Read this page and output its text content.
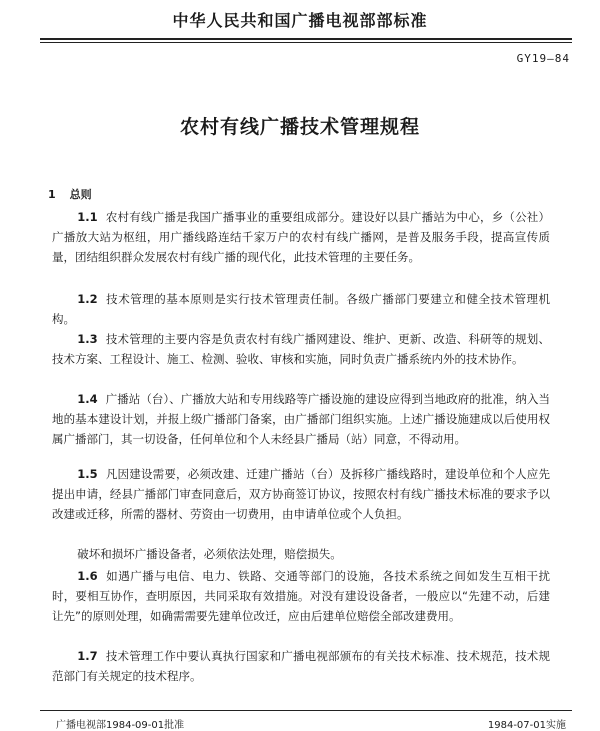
中华人民共和国广播电视部部标准
GY19—84
农村有线广播技术管理规程
1 总则
1.1 农村有线广播是我国广播事业的重要组成部分。建设好以县广播站为中心，乡（公社）广播放大站为枢纽，用广播线路连结千家万户的农村有线广播网，是普及服务手段，提高宣传质量，团结组织群众发展农村有线广播的现代化，此技术管理的主要任务。
1.2 技术管理的基本原则是实行技术管理责任制。各级广播部门要建立和健全技术管理机构。
1.3 技术管理的主要内容是负责农村有线广播网建设、维护、更新、改造、科研等的规划、技术方案、工程设计、施工、检测、验收、审核和实施，同时负责广播系统内外的技术协作。
1.4 广播站（台）、广播放大站和专用线路等广播设施的建设应得到当地政府的批准，纳入当地的基本建设计划，并报上级广播部门备案，由广播部门组织实施。上述广播设施建成以后使用权属广播部门，其一切设备，任何单位和个人未经县广播局（站）同意，不得动用。
1.5 凡因建设需要，必须改建、迁建广播站（台）及拆移广播线路时，建设单位和个人应先提出申请，经县广播部门审查同意后，双方协商签订协议，按照农村有线广播技术标准的要求予以改建或迁移，所需的器材、劳资由一切费用，由申请单位或个人负担。
破坏和损坏广播设备者，必须依法处理，赔偿损失。
1.6 如遇广播与电信、电力、铁路、交通等部门的设施，各技术系统之间如发生互相干扰时，要相互协作，查明原因，共同采取有效措施。对没有建设设备者，一般应以“先建不动，后建让先”的原则处理，如确需需要先建单位改迁，应由后建单位赔偿全部改建费用。
1.7 技术管理工作中要认真执行国家和广播电视部颁布的有关技术标准、技术规范，技术规范部门有关规定的技术程序。
广播电视部1984-09-01批准	1984-07-01实施
